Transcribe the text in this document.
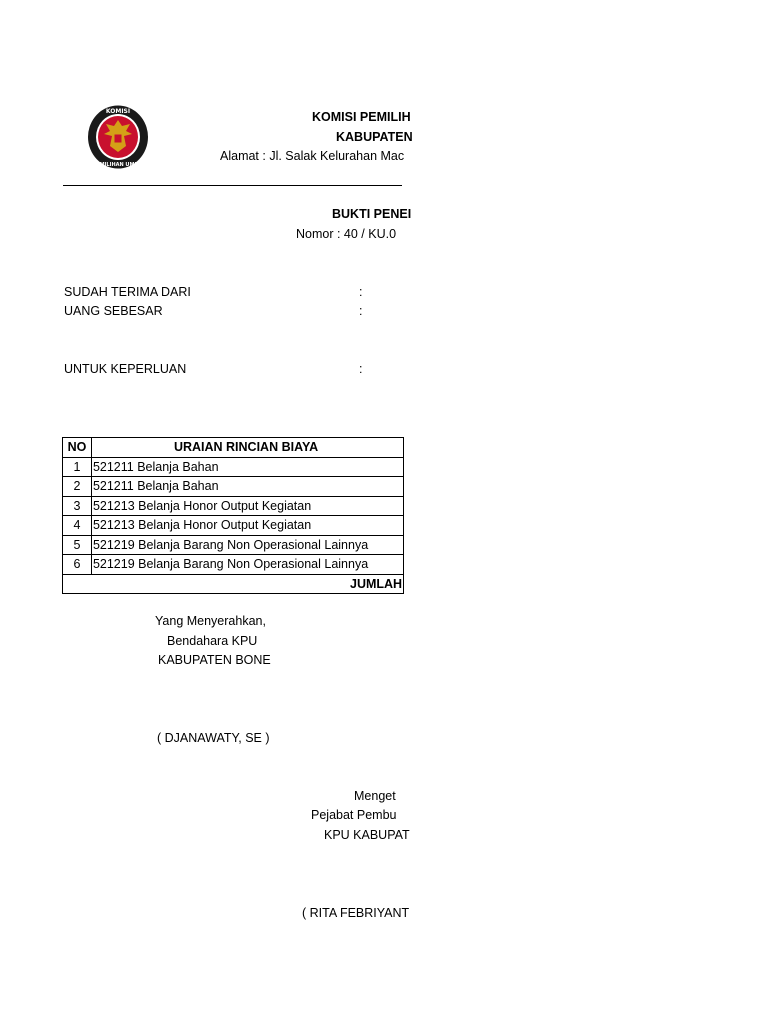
KOMISI
PEMILIHAN UMUM
KOMISI PEMILIH
KABUPATEN
Alamat : Jl. Salak Kelurahan Mac
BUKTI PENEI
Nomor : 40 / KU.0
SUDAH TERIMA DARI	:
UANG SEBESAR	:
UNTUK KEPERLUAN	:
NO	URAIAN RINCIAN BIAYA
1	521211 Belanja Bahan
2	521211 Belanja Bahan
3	521213 Belanja Honor Output Kegiatan
4	521213 Belanja Honor Output Kegiatan
5	521219 Belanja Barang Non Operasional Lainnya
6	521219 Belanja Barang Non Operasional Lainnya
JUMLAH	
Yang Menyerahkan,
Bendahara KPU
KABUPATEN BONE
( DJANAWATY, SE )
Menget
Pejabat Pembu
KPU KABUPAT
( RITA FEBRIYANT
